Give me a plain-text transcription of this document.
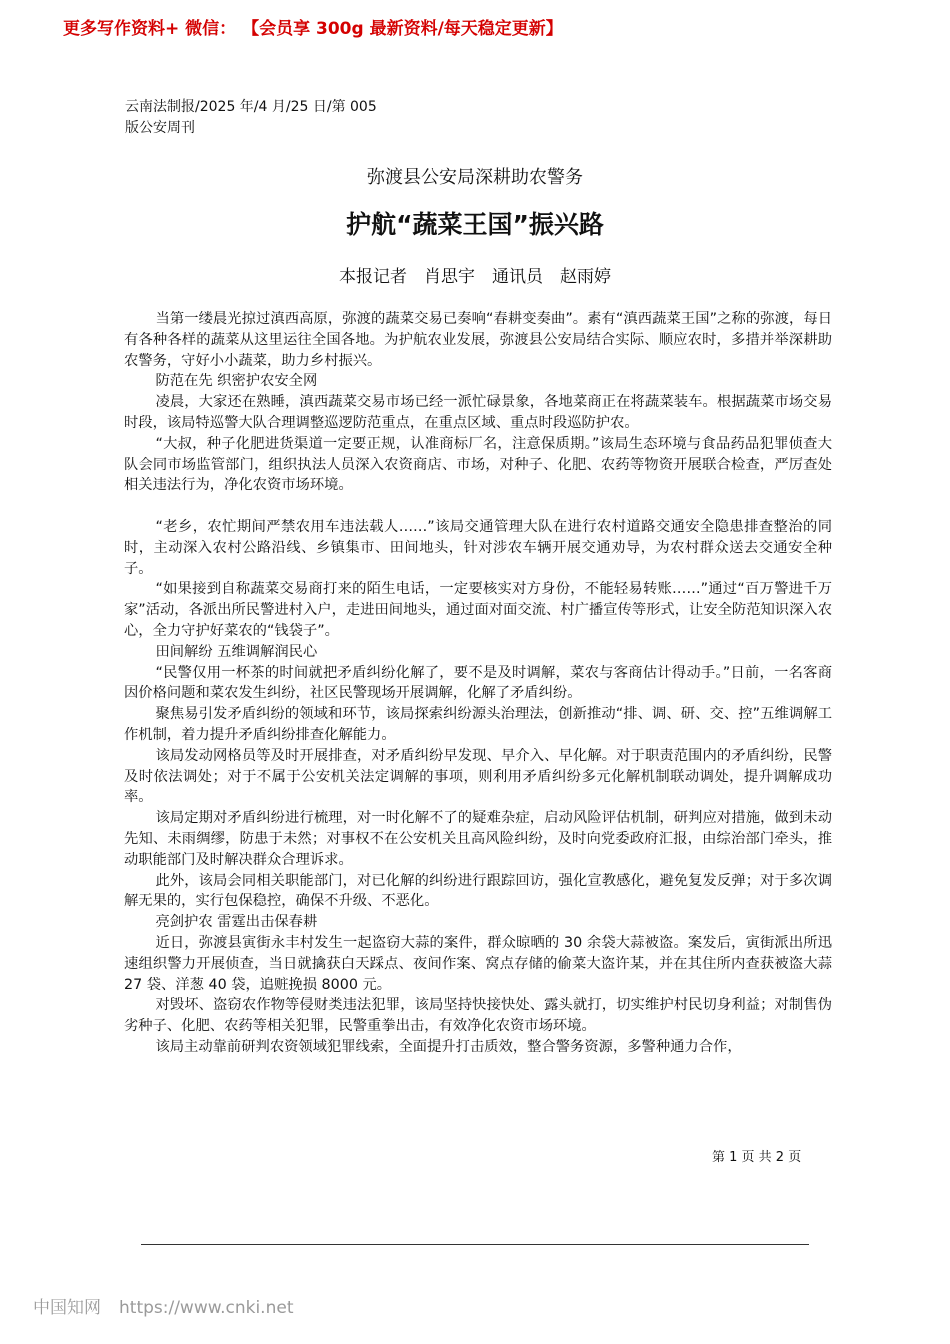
更多写作资料+ 微信： 【会员享 300g 最新资料/每天稳定更新】
云南法制报/2025 年/4 月/25 日/第 005
版公安周刊
弥渡县公安局深耕助农警务
护航“蔬菜王国”振兴路
本报记者　肖思宇　通讯员　赵雨婷

当第一缕晨光掠过滇西高原，弥渡的蔬菜交易已奏响“春耕变奏曲”。素有“滇西蔬菜王国”之称的弥渡，每日有各种各样的蔬菜从这里运往全国各地。为护航农业发展，弥渡县公安局结合实际、顺应农时，多措并举深耕助农警务，守好小小蔬菜，助力乡村振兴。

防范在先 织密护农安全网

凌晨，大家还在熟睡，滇西蔬菜交易市场已经一派忙碌景象，各地菜商正在将蔬菜装车。根据蔬菜市场交易时段，该局特巡警大队合理调整巡逻防范重点，在重点区域、重点时段巡防护农。

“大叔，种子化肥进货渠道一定要正规，认准商标厂名，注意保质期。”该局生态环境与食品药品犯罪侦查大队会同市场监管部门，组织执法人员深入农资商店、市场，对种子、化肥、农药等物资开展联合检查，严厉查处相关违法行为，净化农资市场环境。

“老乡，农忙期间严禁农用车违法载人……”该局交通管理大队在进行农村道路交通安全隐患排查整治的同时，主动深入农村公路沿线、乡镇集市、田间地头，针对涉农车辆开展交通劝导，为农村群众送去交通安全种子。

“如果接到自称蔬菜交易商打来的陌生电话，一定要核实对方身份，不能轻易转账……”通过“百万警进千万家”活动，各派出所民警进村入户，走进田间地头，通过面对面交流、村广播宣传等形式，让安全防范知识深入农心，全力守护好菜农的“钱袋子”。

田间解纷 五维调解润民心

“民警仅用一杯茶的时间就把矛盾纠纷化解了，要不是及时调解，菜农与客商估计得动手。”日前，一名客商因价格问题和菜农发生纠纷，社区民警现场开展调解，化解了矛盾纠纷。

聚焦易引发矛盾纠纷的领域和环节，该局探索纠纷源头治理法，创新推动“排、调、研、交、控”五维调解工作机制，着力提升矛盾纠纷排查化解能力。

该局发动网格员等及时开展排查，对矛盾纠纷早发现、早介入、早化解。对于职责范围内的矛盾纠纷，民警及时依法调处；对于不属于公安机关法定调解的事项，则利用矛盾纠纷多元化解机制联动调处，提升调解成功率。

该局定期对矛盾纠纷进行梳理，对一时化解不了的疑难杂症，启动风险评估机制，研判应对措施，做到未动先知、未雨绸缪，防患于未然；对事权不在公安机关且高风险纠纷，及时向党委政府汇报，由综治部门牵头，推动职能部门及时解决群众合理诉求。

此外，该局会同相关职能部门，对已化解的纠纷进行跟踪回访，强化宣教感化，避免复发反弹；对于多次调解无果的，实行包保稳控，确保不升级、不恶化。

亮剑护农 雷霆出击保春耕

近日，弥渡县寅街永丰村发生一起盗窃大蒜的案件，群众晾晒的 30 余袋大蒜被盗。案发后，寅街派出所迅速组织警力开展侦查，当日就擒获白天踩点、夜间作案、窝点存储的偷菜大盗许某，并在其住所内查获被盗大蒜 27 袋、洋葱 40 袋，追赃挽损 8000 元。

对毁坏、盗窃农作物等侵财类违法犯罪，该局坚持快接快处、露头就打，切实维护村民切身利益；对制售伪劣种子、化肥、农药等相关犯罪，民警重拳出击，有效净化农资市场环境。

该局主动靠前研判农资领域犯罪线索，全面提升打击质效，整合警务资源，多警种通力合作，

第 1 页 共 2 页
中国知网 https://www.cnki.net
